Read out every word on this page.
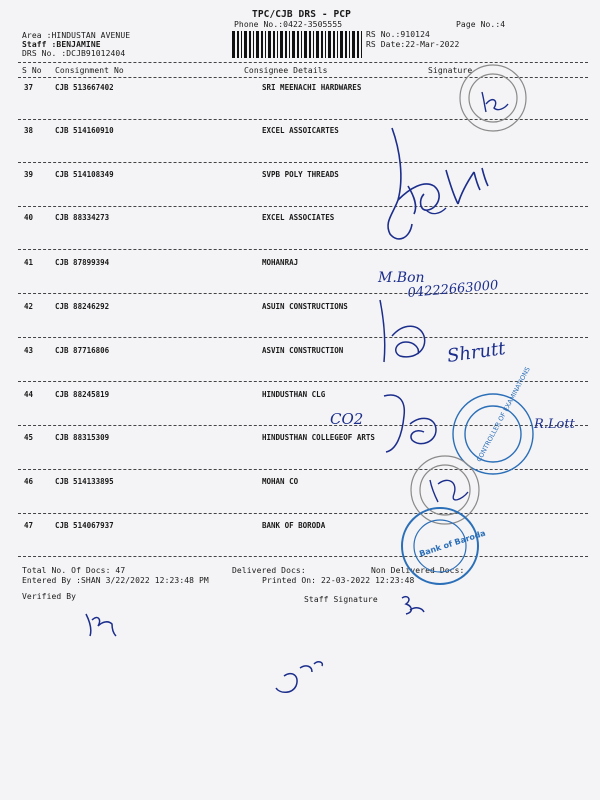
TPC/CJB DRS - PCP
Phone No.:0422-3505555	Page No.:4
Area :HINDUSTAN AVENUE
Staff :BENJAMINE
DRS No. :DCJB91012404
RS No.:910124
RS Date:22-Mar-2022
S No Consignment No	Consignee Details	Signature
37	CJB 513667402	SRI MEENACHI HARDWARES
38	CJB 514160910	EXCEL ASSOICARTES
39	CJB 514108349	SVPB POLY THREADS
40	CJB 88334273	EXCEL ASSOCIATES
41	CJB 87899394	MOHANRAJ
42	CJB 88246292	ASUIN CONSTRUCTIONS
43	CJB 87716806	ASVIN CONSTRUCTION
44	CJB 88245819	HINDUSTHAN CLG
45	CJB 88315309	HINDUSTHAN COLLEGEOF ARTS
46	CJB 514133895	MOHAN CO
47	CJB 514067937	BANK OF BORODA
Total No. Of Docs: 47	Delivered Docs:	Non Delivered Docs:
Entered By :SHAN 3/22/2022 12:23:48 PM	Printed On: 22-03-2022 12:23:48
Verified By	Staff Signature
M.Bon
04222663000
Shrutt
CO2	CONTROLLER OF EXAMINATIONS R.Lott
Bank of Baroda
